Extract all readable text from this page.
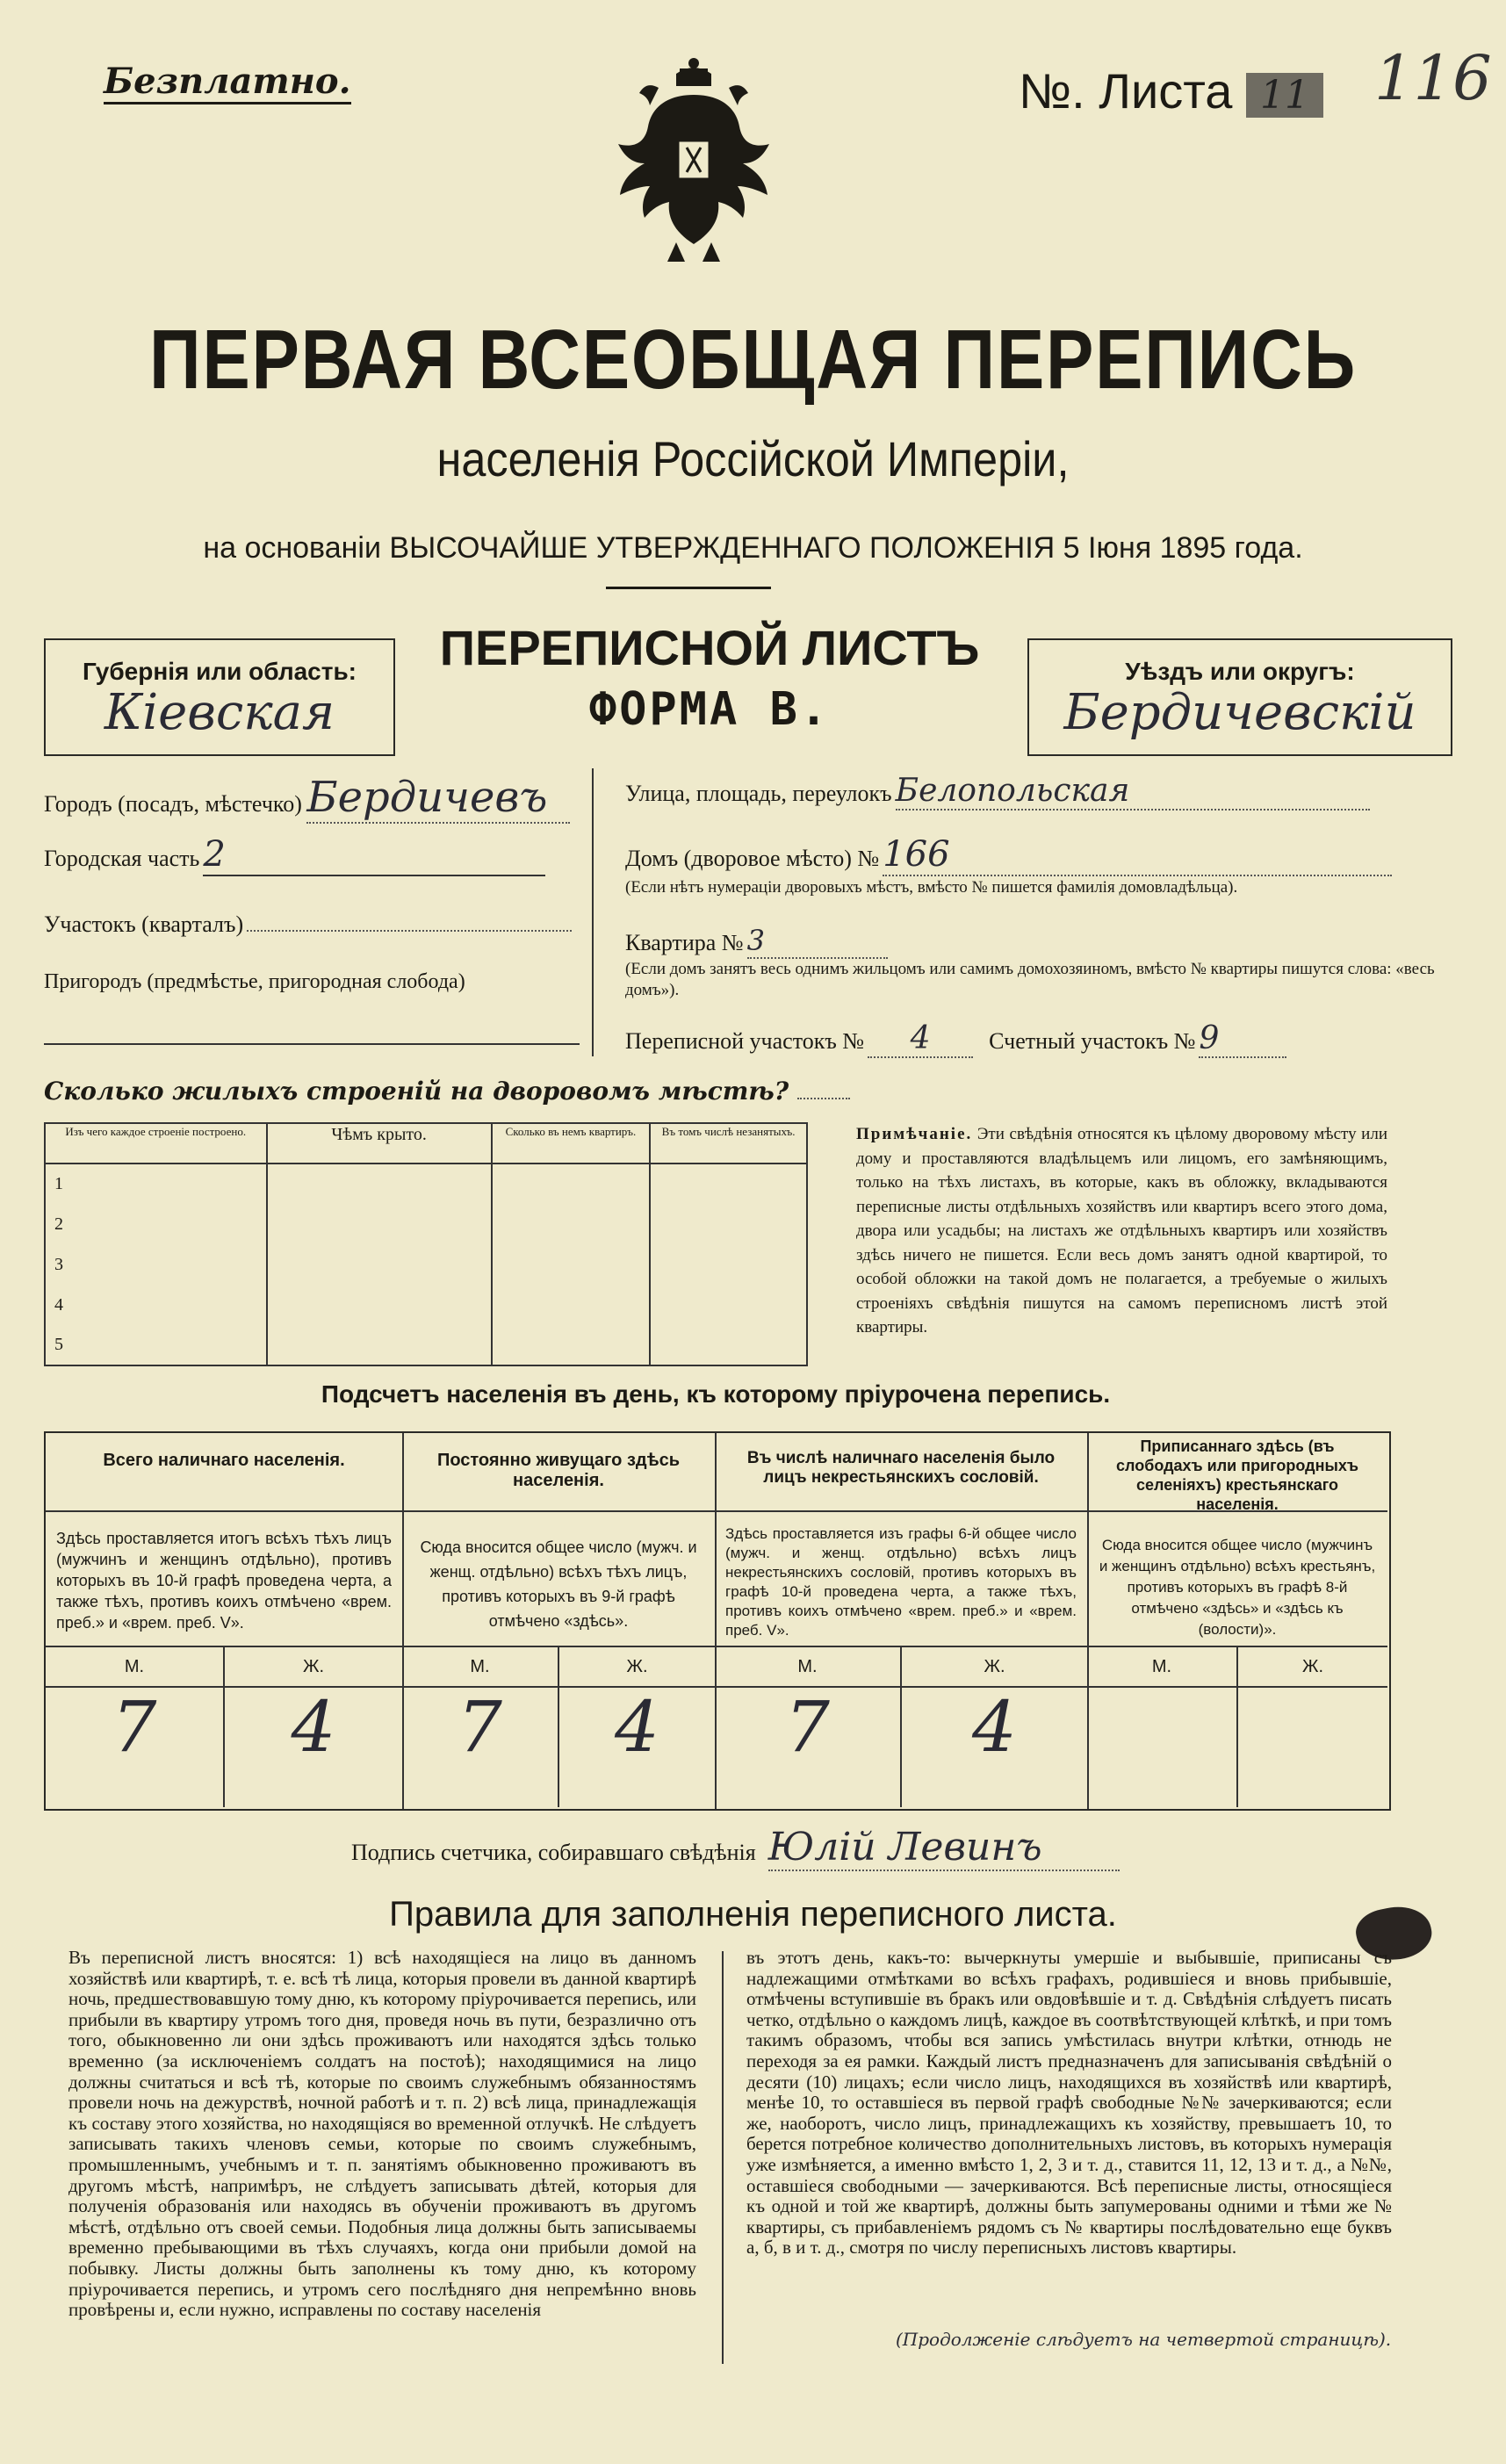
Безплатно.	№. Листа 11 116
ПЕРВАЯ ВСЕОБЩАЯ ПЕРЕПИСЬ
населенія Россійской Имперіи,
на основаніи ВЫСОЧАЙШЕ УТВЕРЖДЕННАГО ПОЛОЖЕНІЯ 5 Іюня 1895 года.
Губернія или область:
Кіевская
ПЕРЕПИСНОЙ ЛИСТЪ
ФОРМА В.
Уѣздъ или округъ:
Бердичевскій
Городъ (посадъ, мѣстечко) Бердичевъ
Городская часть 2
Участокъ (кварталъ)
Пригородъ (предмѣстье, пригородная слобода)
Улица, площадь, переулокъ Белопольская
Домъ (дворовое мѣсто) № 166
(Если нѣтъ нумераціи дворовыхъ мѣстъ, вмѣсто № пишется фамилія домовладѣльца).
Квартира № 3
(Если домъ занятъ весь однимъ жильцомъ или самимъ домохозяиномъ, вмѣсто № квартиры пишутся слова: «весь домъ»).
Переписной участокъ № 4	Счетный участокъ № 9
Сколько жилыхъ строеній на дворовомъ мѣстѣ?
Изъ чего каждое строеніе построено.	Чѣмъ крыто.	Сколько въ немъ квартиръ.	Въ томъ числѣ незанятыхъ.
1			
2			
3			
4			
5			
Примѣчаніе. Эти свѣдѣнія относятся къ цѣлому дворовому мѣсту или дому и проставляются владѣльцемъ или лицомъ, его замѣняющимъ, только на тѣхъ листахъ, въ которые, какъ въ обложку, вкладываются переписные листы отдѣльныхъ хозяйствъ или квартиръ всего этого дома, двора или усадьбы; на листахъ же отдѣльныхъ квартиръ или хозяйствъ здѣсь ничего не пишется. Если весь домъ занятъ одной квартирой, то особой обложки на такой домъ не полагается, а требуемые о жилыхъ строеніяхъ свѣдѣнія пишутся на самомъ переписномъ листѣ этой квартиры.
Подсчетъ населенія въ день, къ которому пріурочена перепись.
Всего наличнаго населенія.
Здѣсь проставляется итогъ всѣхъ тѣхъ лицъ (мужчинъ и женщинъ отдѣльно), противъ которыхъ въ 10-й графѣ проведена черта, а также тѣхъ, противъ коихъ отмѣчено «врем. преб.» и «врем. преб. V».
М.	Ж.
7	4
Постоянно живущаго здѣсь населенія.
Сюда вносится общее число (мужч. и женщ. отдѣльно) всѣхъ тѣхъ лицъ, противъ которыхъ въ 9-й графѣ отмѣчено «здѣсь».
М.	Ж.
7	4
Въ числѣ наличнаго населенія было лицъ некрестьянскихъ сословій.
Здѣсь проставляется изъ графы 6-й общее число (мужч. и женщ. отдѣльно) всѣхъ лицъ некрестьянскихъ сословій, противъ которыхъ въ графѣ 10-й проведена черта, а также тѣхъ, противъ коихъ отмѣчено «врем. преб.» и «врем. преб. V».
М.	Ж.
7	4
Приписаннаго здѣсь (въ слободахъ или пригородныхъ селеніяхъ) крестьянскаго населенія.
Сюда вносится общее число (мужчинъ и женщинъ отдѣльно) всѣхъ крестьянъ, противъ которыхъ въ графѣ 8-й отмѣчено «здѣсь» и «здѣсь къ (волости)».
М.	Ж.
Подпись счетчика, собиравшаго свѣдѣнія Юлій Левинъ
Правила для заполненія переписного листа.
Въ переписной листъ вносятся: 1) всѣ находящіеся на лицо въ данномъ хозяйствѣ или квартирѣ, т. е. всѣ тѣ лица, которыя провели въ данной квартирѣ ночь, предшествовавшую тому дню, къ которому пріурочивается перепись, или прибыли въ квартиру утромъ того дня, проведя ночь въ пути, безразлично отъ того, обыкновенно ли они здѣсь проживаютъ или находятся здѣсь только временно (за исключеніемъ солдатъ на постоѣ); находящимися на лицо должны считаться и всѣ тѣ, которые по своимъ служебнымъ обязанностямъ провели ночь на дежурствѣ, ночной работѣ и т. п. 2) всѣ лица, принадлежащія къ составу этого хозяйства, но находящіяся во временной отлучкѣ. Не слѣдуетъ записывать такихъ членовъ семьи, которые по своимъ служебнымъ, промышленнымъ, учебнымъ и т. п. занятіямъ обыкновенно проживаютъ въ другомъ мѣстѣ, напримѣръ, не слѣдуетъ записывать дѣтей, которыя для полученія образованія или находясь въ обученіи проживаютъ въ другомъ мѣстѣ, отдѣльно отъ своей семьи. Подобныя лица должны быть записываемы временно пребывающими въ тѣхъ случаяхъ, когда они прибыли домой на побывку. Листы должны быть заполнены къ тому дню, къ которому пріурочивается перепись, и утромъ сего послѣдняго дня непремѣнно вновь провѣрены и, если нужно, исправлены по составу населенія
въ этотъ день, какъ-то: вычеркнуты умершіе и выбывшіе, приписаны съ надлежащими отмѣтками во всѣхъ графахъ, родившіеся и вновь прибывшіе, отмѣчены вступившіе въ бракъ или овдовѣвшіе и т. д. Свѣдѣнія слѣдуетъ писать четко, отдѣльно о каждомъ лицѣ, каждое въ соотвѣтствующей клѣткѣ, и при томъ такимъ образомъ, чтобы вся запись умѣстилась внутри клѣтки, отнюдь не переходя за ея рамки. Каждый листъ предназначенъ для записыванія свѣдѣній о десяти (10) лицахъ; если число лицъ, находящихся въ хозяйствѣ или квартирѣ, менѣе 10, то оставшіеся въ первой графѣ свободные №№ зачеркиваются; если же, наоборотъ, число лицъ, принадлежащихъ къ хозяйству, превышаетъ 10, то берется потребное количество дополнительныхъ листовъ, въ которыхъ нумерація уже измѣняется, а именно вмѣсто 1, 2, 3 и т. д., ставится 11, 12, 13 и т. д., а №№, оставшіеся свободными — зачеркиваются. Всѣ переписные листы, относящіеся къ одной и той же квартирѣ, должны быть запумерованы одними и тѣми же № квартиры, съ прибавленіемъ рядомъ съ № квартиры послѣдовательно еще буквъ а, б, в и т. д., смотря по числу переписныхъ листовъ квартиры.
(Продолженіе слѣдуетъ на четвертой страницѣ).
